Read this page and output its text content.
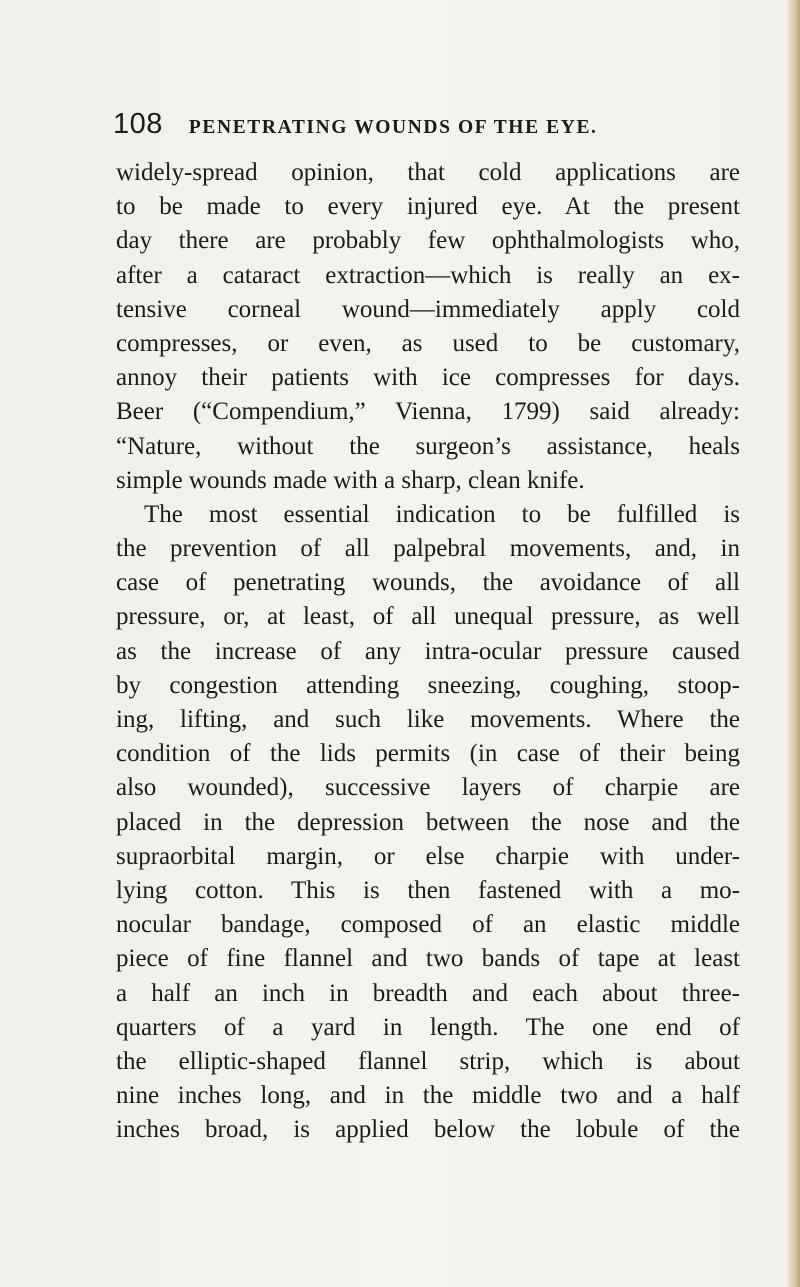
108 PENETRATING WOUNDS OF THE EYE.
widely-spread opinion, that cold applications are
to be made to every injured eye. At the present
day there are probably few ophthalmologists who,
after a cataract extraction—which is really an ex-
tensive corneal wound—immediately apply cold
compresses, or even, as used to be customary,
annoy their patients with ice compresses for days.
Beer (“Compendium,” Vienna, 1799) said already:
“Nature, without the surgeon’s assistance, heals
simple wounds made with a sharp, clean knife.
The most essential indication to be fulfilled is
the prevention of all palpebral movements, and, in
case of penetrating wounds, the avoidance of all
pressure, or, at least, of all unequal pressure, as well
as the increase of any intra-ocular pressure caused
by congestion attending sneezing, coughing, stoop-
ing, lifting, and such like movements. Where the
condition of the lids permits (in case of their being
also wounded), successive layers of charpie are
placed in the depression between the nose and the
supraorbital margin, or else charpie with under-
lying cotton. This is then fastened with a mo-
nocular bandage, composed of an elastic middle
piece of fine flannel and two bands of tape at least
a half an inch in breadth and each about three-
quarters of a yard in length. The one end of
the elliptic-shaped flannel strip, which is about
nine inches long, and in the middle two and a half
inches broad, is applied below the lobule of the
